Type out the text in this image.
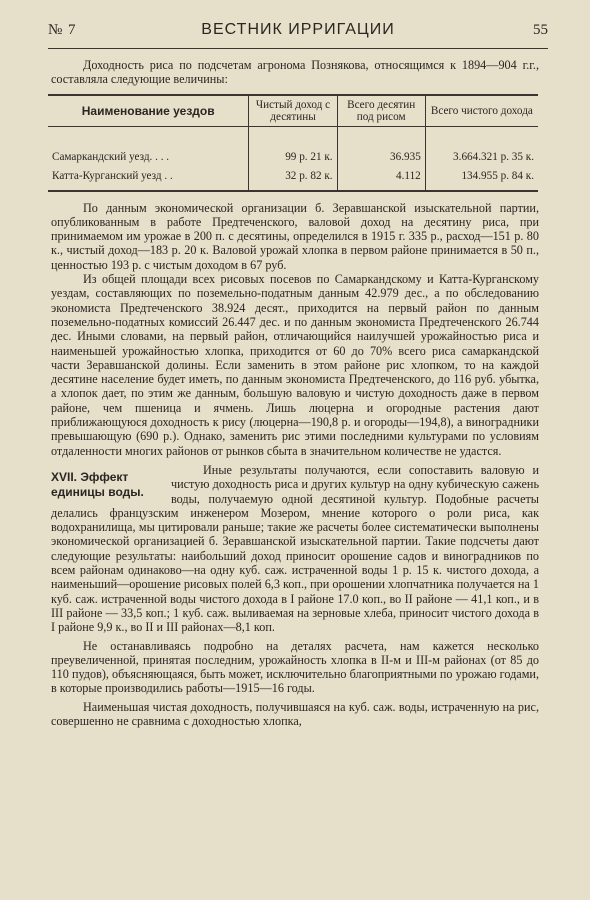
№ 7	ВЕСТНИК ИРРИГАЦИИ	55

Доходность риса по подсчетам агронома Познякова, относящимся к 1894—904 г.г., составляла следующие величины:

Наименование уездов	Чистый доход с десятины	Всего десятин под рисом	Всего чистого дохода

Самаркандский уезд. . . .	99 р. 21 к.	36.935	3.664.321 р. 35 к.
Катта-Курганский уезд . .	32 р. 82 к.	4.112	134.955 р. 84 к.

По данным экономической организации б. Зеравшанской изыскательной партии, опубликованным в работе Предтеченского, валовой доход на десятину риса, при принимаемом им урожае в 200 п. с десятины, определился в 1915 г. 335 р., расход—151 р. 80 к., чистый доход—183 р. 20 к. Валовой урожай хлопка в первом районе принимается в 50 п., ценностью 193 р. с чистым доходом в 67 руб.

Из общей площади всех рисовых посевов по Самаркандскому и Катта-Курганскому уездам, составляющих по поземельно-податным данным 42.979 дес., а по обследованию экономиста Предтеченского 38.924 десят., приходится на первый район по данным поземельно-податных комиссий 26.447 дес. и по данным экономиста Предтеченского 26.744 дес. Иными словами, на первый район, отличающийся наилучшей урожайностью риса и наименьшей урожайностью хлопка, приходится от 60 до 70% всего риса самаркандской части Зеравшанской долины. Если заменить в этом районе рис хлопком, то на каждой десятине население будет иметь, по данным экономиста Предтеченского, до 116 руб. убытка, а хлопок дает, по этим же данным, большую валовую и чистую доходность даже в первом районе, чем пшеница и ячмень. Лишь люцерна и огородные растения дают приближающуюся доходность к рису (люцерна—190,8 р. и огороды—194,8), а виноградники превышающую (690 р.). Однако, заменить рис этими последними культурами по условиям отдаленности многих районов от рынков сбыта в значительном количестве не удастся.

XVII. Эффект единицы воды.

Иные результаты получаются, если сопоставить валовую и чистую доходность риса и других культур на одну кубическую сажень воды, получаемую одной десятиной культур. Подобные расчеты делались французским инженером Мозером, мнение которого о роли риса, как водохранилища, мы цитировали раньше; такие же расчеты более систематически выполнены экономической организацией б. Зеравшанской изыскательной партии. Такие подсчеты дают следующие результаты: наибольший доход приносит орошение садов и виноградников по всем районам одинаково—на одну куб. саж. истраченной воды 1 р. 15 к. чистого дохода, а наименьший—орошение рисовых полей 6,3 коп., при орошении хлопчатника получается на 1 куб. саж. истраченной воды чистого дохода в I районе 17.0 коп., во II районе — 41,1 коп., и в III районе — 33,5 коп.; 1 куб. саж. выливаемая на зерновые хлеба, приносит чистого дохода в I районе 9,9 к., во II и III районах—8,1 коп.

Не останавливаясь подробно на деталях расчета, нам кажется несколько преувеличенной, принятая последним, урожайность хлопка в II-м и III-м районах (от 85 до 110 пудов), объясняющаяся, быть может, исключительно благоприятными по урожаю годами, в которые производились работы—1915—16 годы.

Наименьшая чистая доходность, получившаяся на куб. саж. воды, истраченную на рис, совершенно не сравнима с доходностью хлопка,
